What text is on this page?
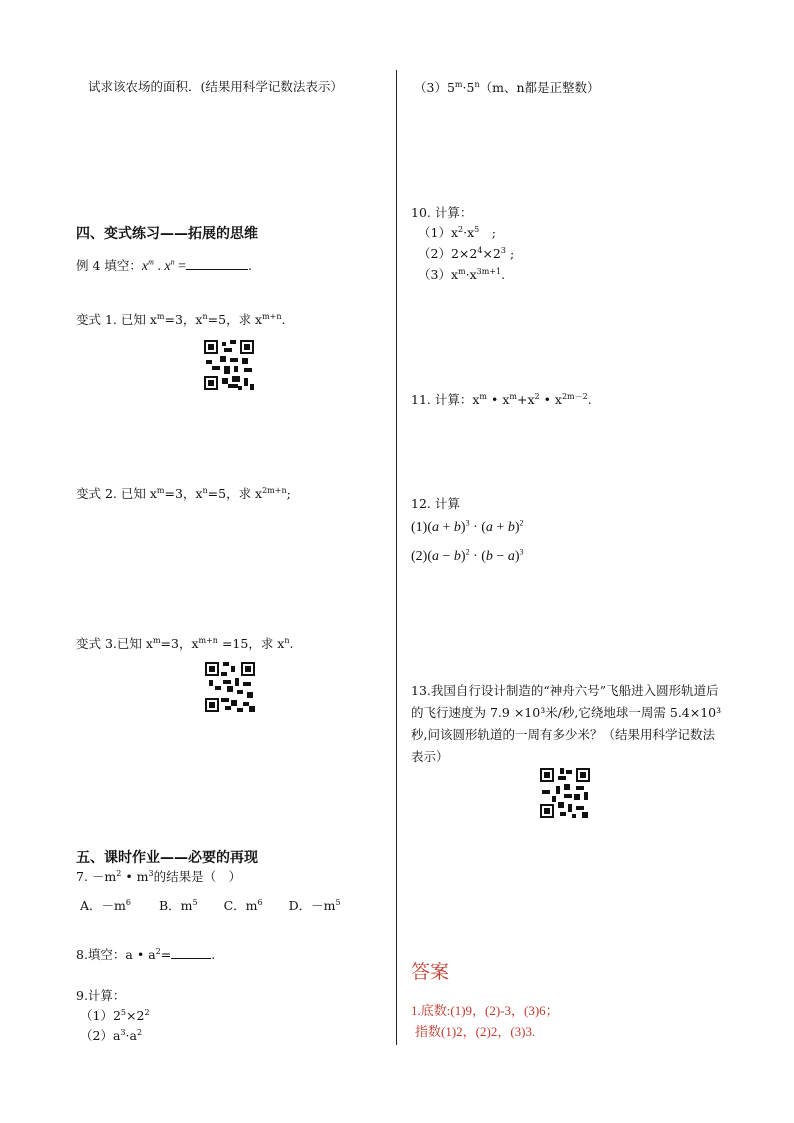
试求该农场的面积．(结果用科学记数法表示）
四、变式练习——拓展的思维
例 4 填空：$x^m$ . $x^n$ =	.
变式 1. 已知 $x^m=3$，$x^n=5$，求 $x^{m+n}$.
变式 2. 已知 $x^m=3$，$x^n=5$，求 $x^{2m+n}$;
变式 3.已知 $x^m=3$，$x^{m+n} =15$，求 $x^n$.
五、课时作业——必要的再现
7. $-m^2$ • $m^3$的结果是（　）
A．$-m^6$ B．$m^5$ C．$m^6$ D．$-m^5$
8.填空：a • $a^2=$	.
9.计算：
$(1)2^5\times 2^2$
$(2)a^3\cdot a^2$
$(3)5^m\cdot 5^n(m$、n都是正整数）
10. 计算：
$(1)x^2\cdot x^5$　;
$(2)2\times 2^4\times 2^3$ ;
$(3)x^m\cdot x^{3m+1}$.
11. 计算：$x^m$ • $x^m+x^2$ • $x^{2m-2}$.
12. 计算
$(1)(a + b)^3 \cdot (a + b)^2$
$(2)(a - b)^2 \cdot (b - a)^3$
13.我国自行设计制造的“神舟六号”飞船进入圆形轨道后的飞行速度为 7.9 ×10³米/秒,它绕地球一周需 5.4×10³秒,问该圆形轨道的一周有多少米？（结果用科学记数法表示）
答案
1.底数:(1)9，(2)-3，(3)6；
指数(1)2，(2)2，(3)3.
